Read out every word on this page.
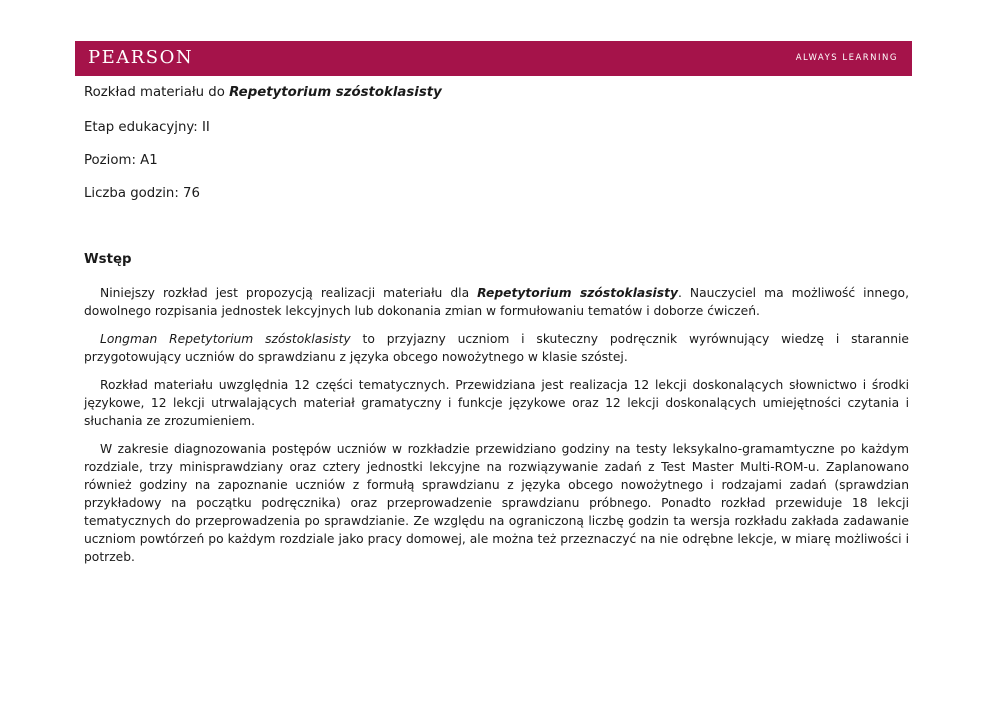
PEARSON	ALWAYS LEARNING
Rozkład materiału do Repetytorium szóstoklasisty
Etap edukacyjny: II
Poziom: A1
Liczba godzin: 76
Wstęp

Niniejszy rozkład jest propozycją realizacji materiału dla Repetytorium szóstoklasisty. Nauczyciel ma możliwość innego, dowolnego rozpisania jednostek lekcyjnych lub dokonania zmian w formułowaniu tematów i doborze ćwiczeń.

Longman Repetytorium szóstoklasisty to przyjazny uczniom i skuteczny podręcznik wyrównujący wiedzę i starannie przygotowujący uczniów do sprawdzianu z języka obcego nowożytnego w klasie szóstej.

Rozkład materiału uwzględnia 12 części tematycznych. Przewidziana jest realizacja 12 lekcji doskonalących słownictwo i środki językowe, 12 lekcji utrwalających materiał gramatyczny i funkcje językowe oraz 12 lekcji doskonalących umiejętności czytania i słuchania ze zrozumieniem.

W zakresie diagnozowania postępów uczniów w rozkładzie przewidziano godziny na testy leksykalno-gramamtyczne po każdym rozdziale, trzy minisprawdziany oraz cztery jednostki lekcyjne na rozwiązywanie zadań z Test Master Multi-ROM-u. Zaplanowano również godziny na zapoznanie uczniów z formułą sprawdzianu z języka obcego nowożytnego i rodzajami zadań (sprawdzian przykładowy na początku podręcznika) oraz przeprowadzenie sprawdzianu próbnego. Ponadto rozkład przewiduje 18 lekcji tematycznych do przeprowadzenia po sprawdzianie. Ze względu na ograniczoną liczbę godzin ta wersja rozkładu zakłada zadawanie uczniom powtórzeń po każdym rozdziale jako pracy domowej, ale można też przeznaczyć na nie odrębne lekcje, w miarę możliwości i potrzeb.
